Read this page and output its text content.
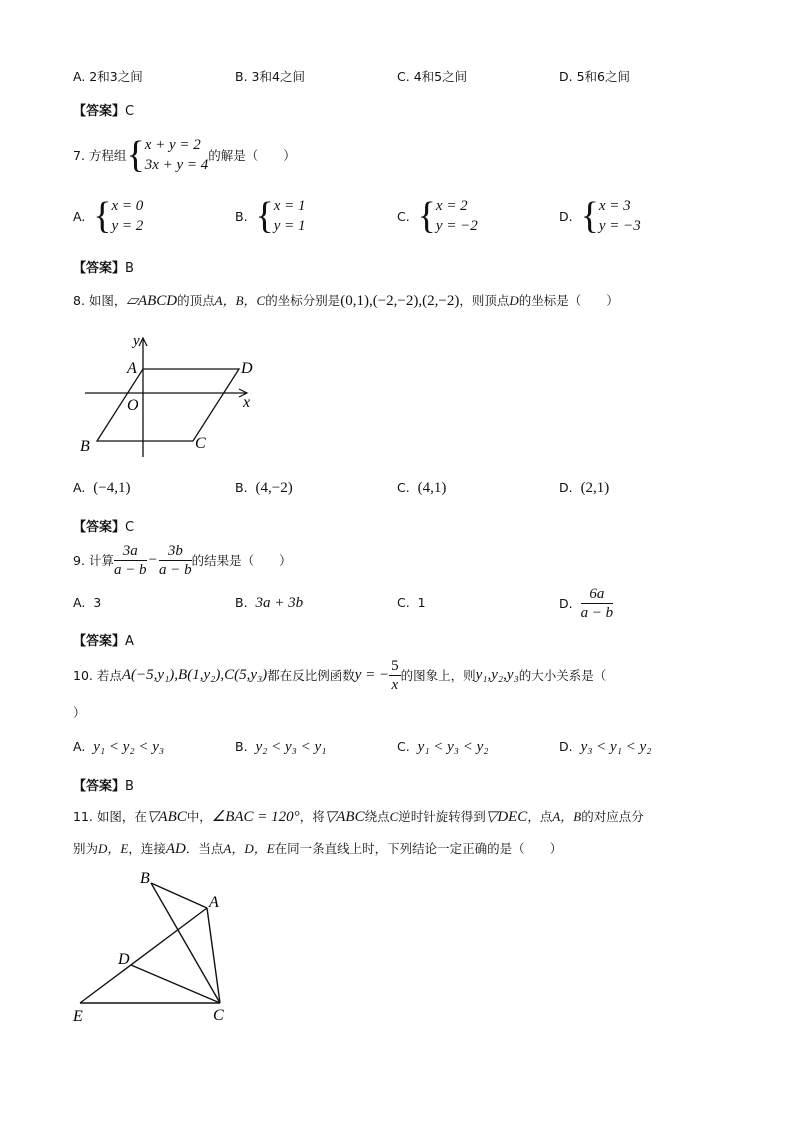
A. 2和3之间	B. 3和4之间	C. 4和5之间	D. 5和6之间
【答案】C
7.
方程组 { x + y = 2
3x + y = 4
的解是（　　）
A.
{ x = 0
y = 2
B.
{ x = 1
y = 1
C.
{ x = 2
y = −2
D.
{ x = 3
y = −3
【答案】B
8. 如图，▱ABCD的顶点A，B，C的坐标分别是(0,1),(−2,−2),(2,−2)，则顶点D的坐标是（　　）
y
x
A	D
O
B	C
A. (−4,1)	B. (4,−2)	C. (4,1)	D. (2,1)
【答案】C
9.
计算 $\frac{3a}{a - b} - \frac{3b}{a - b}$ 的结果是（　　）
A. 3	B. 3a + 3b	C. 1	D.
$\frac{6a}{a - b}$
【答案】A
10.
若点 A(−5,y₁),B(1,y₂),C(5,y₃) 都在反比例函数 y = − $\frac{5}{x}$ 的图象上，则 y₁,y₂,y₃ 的大小关系是（
）
A. y₁ < y₂ < y₃	B. y₂ < y₃ < y₁	C. y₁ < y₃ < y₂	D. y₃ < y₁ < y₂
【答案】B
11. 如图，在▽ABC中，∠BAC = 120°，将▽ABC绕点C逆时针旋转得到▽DEC，点A，B的对应点分
别为D，E，连接AD．当点A，D，E在同一条直线上时，下列结论一定正确的是（　　）
B
A
D
E	C
